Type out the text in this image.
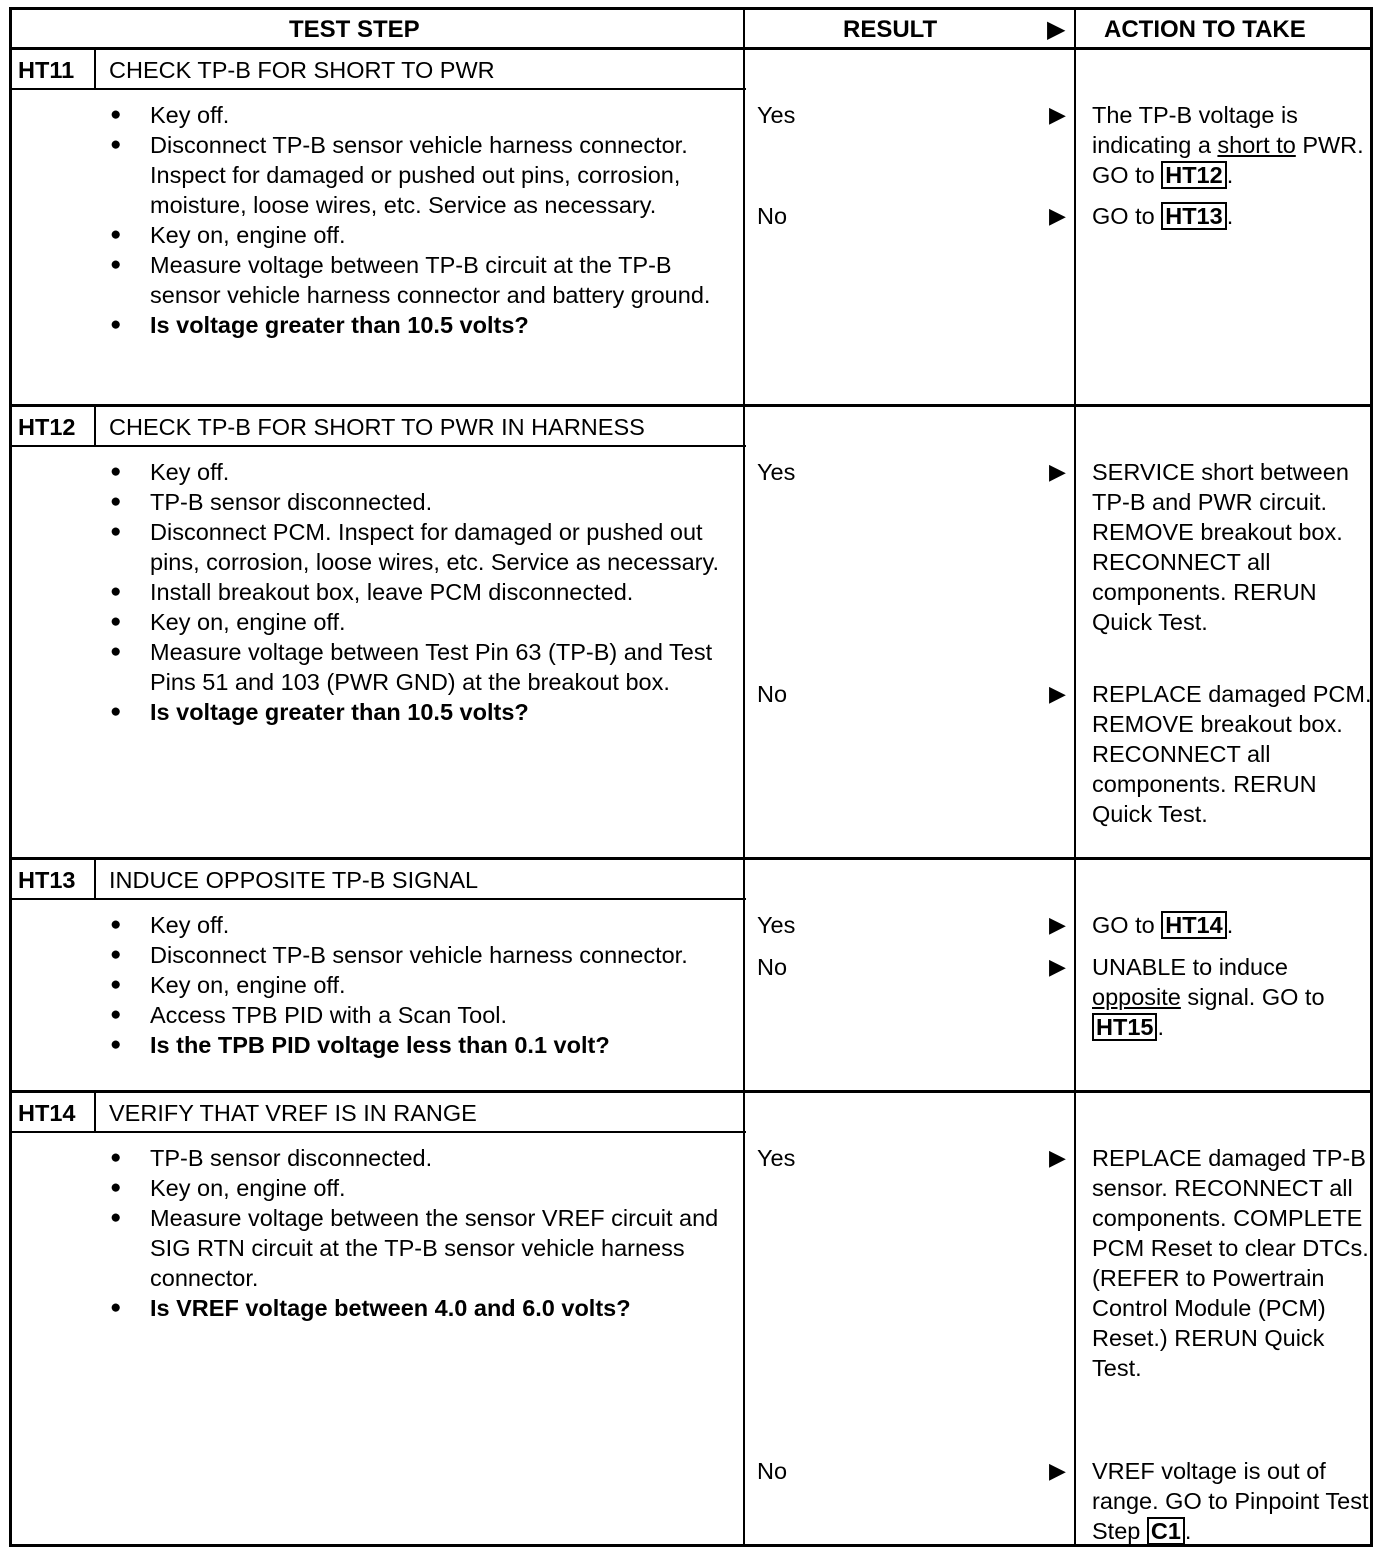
TEST STEP	RESULT	▶ ACTION TO TAKE
HT11	CHECK TP-B FOR SHORT TO PWR
● Key off.
● Disconnect TP-B sensor vehicle harness connector. Inspect for damaged or pushed out pins, corrosion, moisture, loose wires, etc. Service as necessary.
● Key on, engine off.
● Measure voltage between TP-B circuit at the TP-B sensor vehicle harness connector and battery ground.
● Is voltage greater than 10.5 volts?
Yes	▶ The TP-B voltage is indicating a short to PWR. GO to HT12 .
No	▶ GO to HT13 .
HT12	CHECK TP-B FOR SHORT TO PWR IN HARNESS
● Key off.
● TP-B sensor disconnected.
● Disconnect PCM. Inspect for damaged or pushed out pins, corrosion, loose wires, etc. Service as necessary.
● Install breakout box, leave PCM disconnected.
● Key on, engine off.
● Measure voltage between Test Pin 63 (TP-B) and Test Pins 51 and 103 (PWR GND) at the breakout box.
● Is voltage greater than 10.5 volts?
Yes	▶ SERVICE short between TP-B and PWR circuit. REMOVE breakout box. RECONNECT all components. RERUN Quick Test.
No	▶ REPLACE damaged PCM. REMOVE breakout box. RECONNECT all components. RERUN Quick Test.
HT13	INDUCE OPPOSITE TP-B SIGNAL
● Key off.
● Disconnect TP-B sensor vehicle harness connector.
● Key on, engine off.
● Access TPB PID with a Scan Tool.
● Is the TPB PID voltage less than 0.1 volt?
Yes	▶ GO to HT14 .
No	▶ UNABLE to induce opposite signal. GO to HT15 .
HT14	VERIFY THAT VREF IS IN RANGE
● TP-B sensor disconnected.
● Key on, engine off.
● Measure voltage between the sensor VREF circuit and SIG RTN circuit at the TP-B sensor vehicle harness connector.
● Is VREF voltage between 4.0 and 6.0 volts?
Yes	▶ REPLACE damaged TP-B sensor. RECONNECT all components. COMPLETE PCM Reset to clear DTCs. (REFER to Powertrain Control Module (PCM) Reset.) RERUN Quick Test.
No	▶ VREF voltage is out of range. GO to Pinpoint Test Step C1 .
